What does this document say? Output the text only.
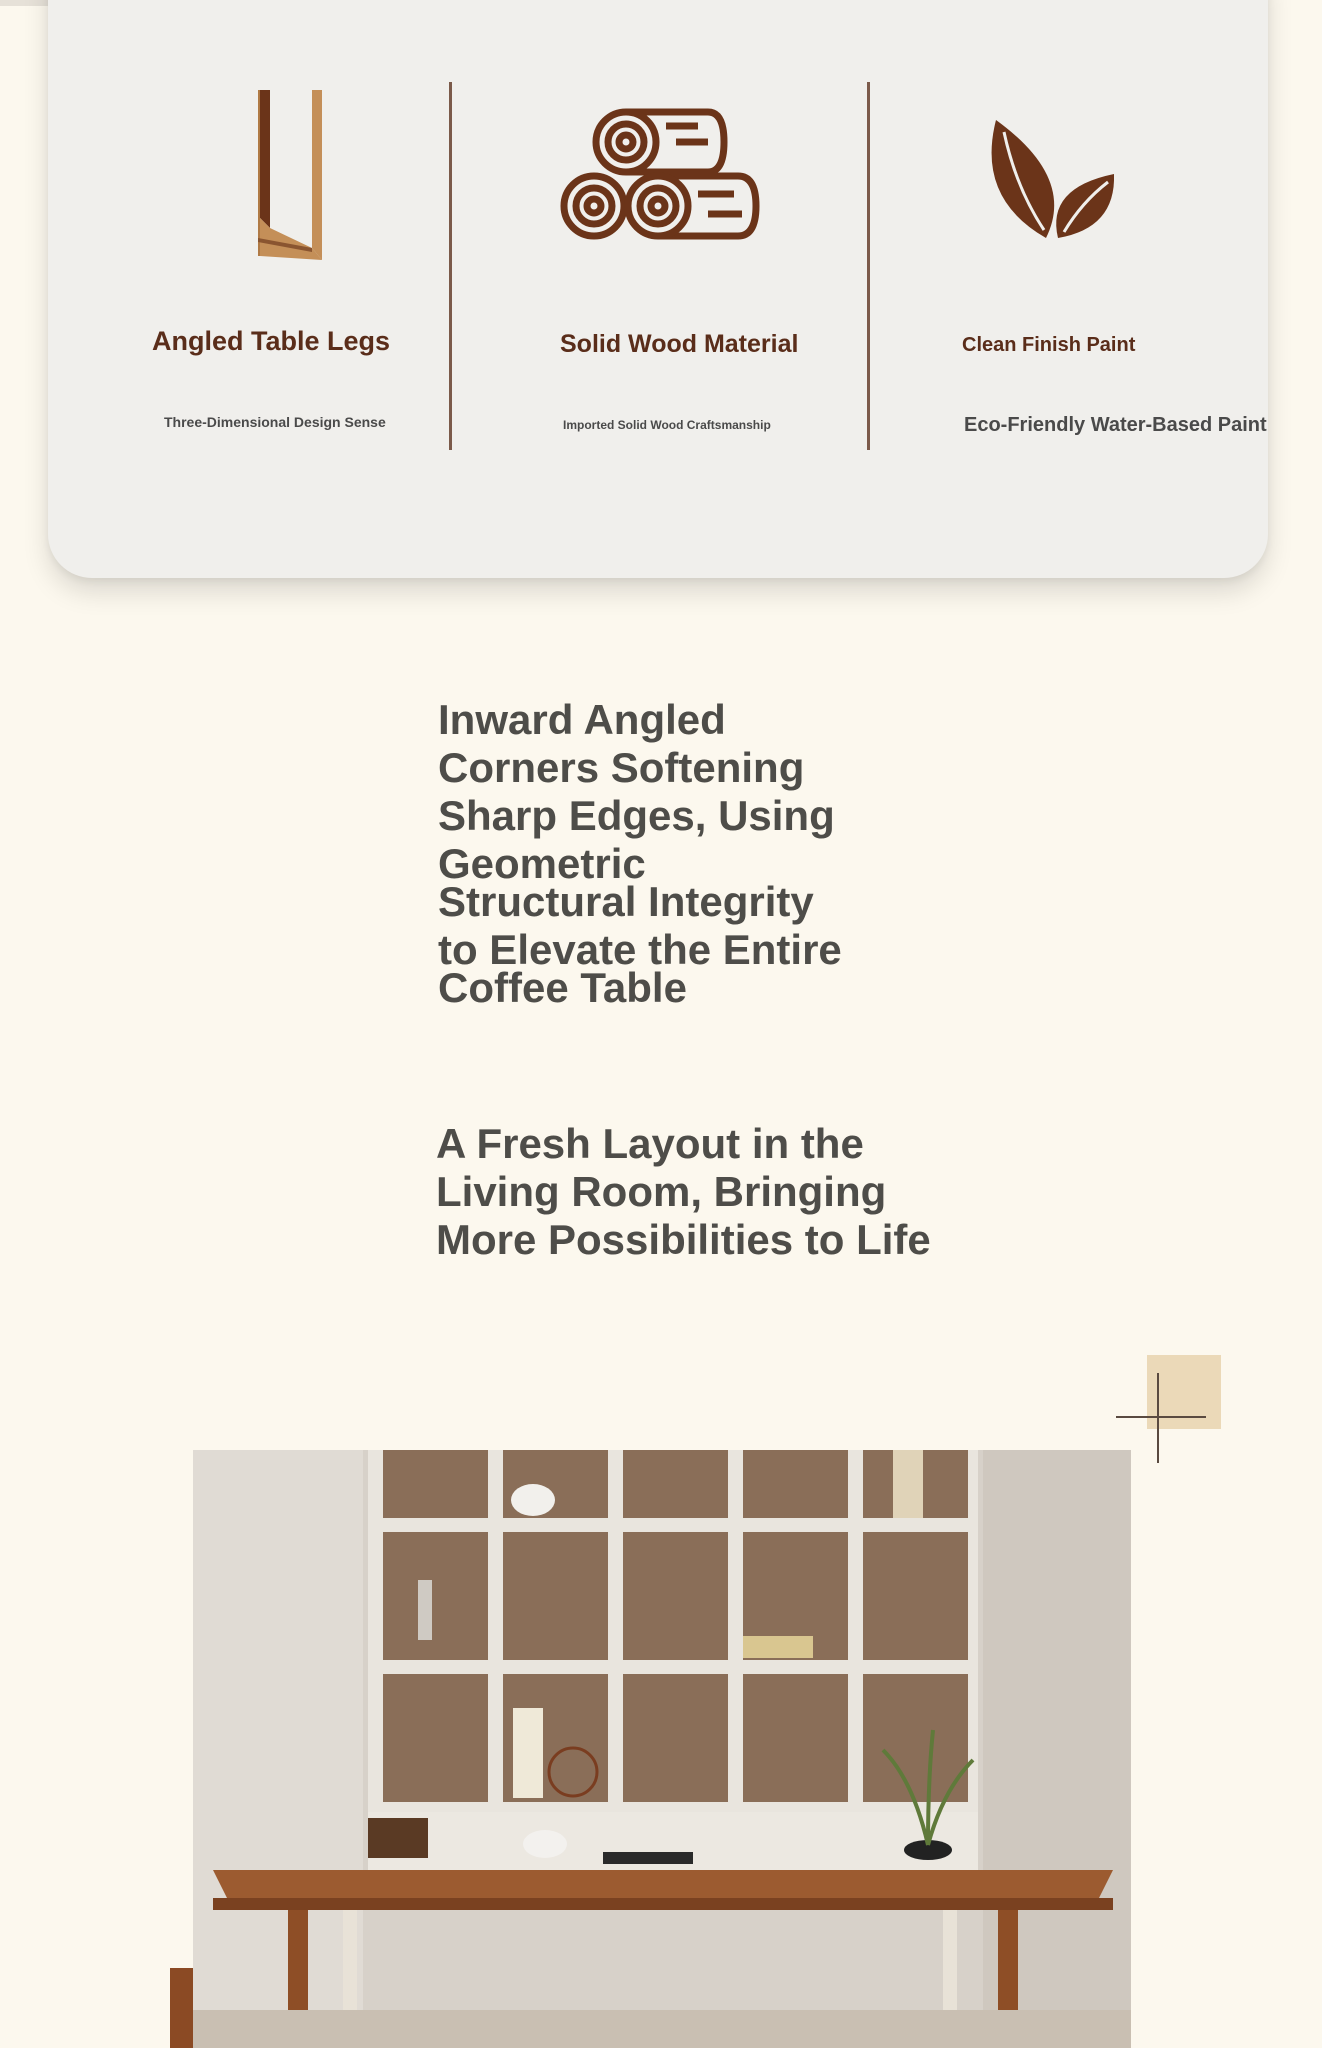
Angled Table Legs
Three-Dimensional Design Sense
Solid Wood Material
Imported Solid Wood Craftsmanship
Clean Finish Paint
Eco-Friendly Water-Based Paint
Inward Angled
Corners Softening
Sharp Edges, Using
Geometric
Structural Integrity
to Elevate the Entire
Coffee Table
A Fresh Layout in the
Living Room, Bringing
More Possibilities to Life
